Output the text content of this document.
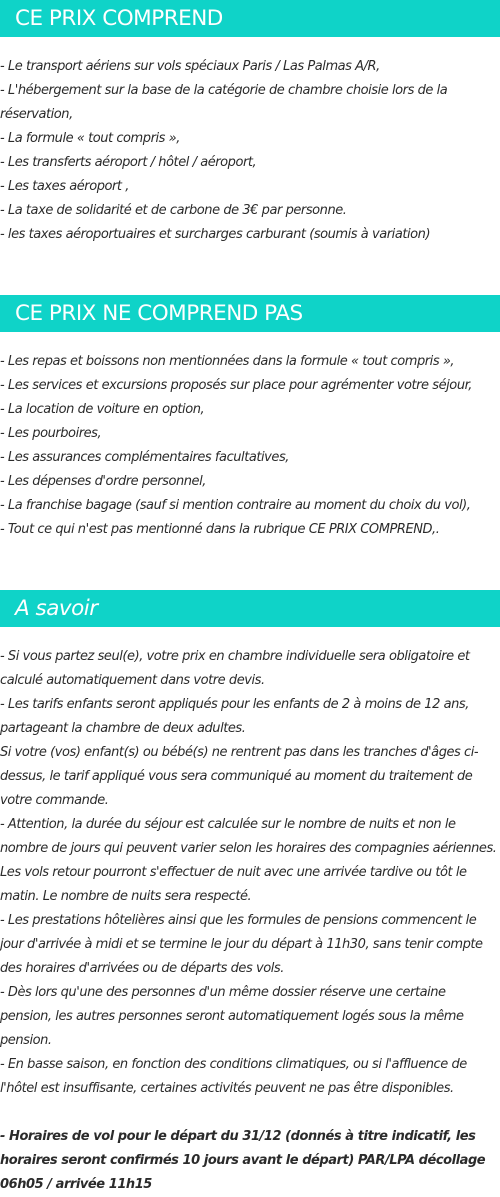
CE PRIX COMPREND

- Le transport aériens sur vols spéciaux Paris / Las Palmas A/R,

- L'hébergement sur la base de la catégorie de chambre choisie lors de la

réservation,

- La formule « tout compris »,

- Les transferts aéroport / hôtel / aéroport,

- Les taxes aéroport ,

- La taxe de solidarité et de carbone de 3€ par personne.

- les taxes aéroportuaires et surcharges carburant (soumis à variation)

CE PRIX NE COMPREND PAS

- Les repas et boissons non mentionnées dans la formule « tout compris »,

- Les services et excursions proposés sur place pour agrémenter votre séjour,

- La location de voiture en option,

- Les pourboires,

- Les assurances complémentaires facultatives,

- Les dépenses d'ordre personnel,

- La franchise bagage (sauf si mention contraire au moment du choix du vol),

- Tout ce qui n'est pas mentionné dans la rubrique CE PRIX COMPREND,.

A savoir

- Si vous partez seul(e), votre prix en chambre individuelle sera obligatoire et calculé automatiquement dans votre devis.

- Les tarifs enfants seront appliqués pour les enfants de 2 à moins de 12 ans, partageant la chambre de deux adultes.

Si votre (vos) enfant(s) ou bébé(s) ne rentrent pas dans les tranches d'âges ci-dessus, le tarif appliqué vous sera communiqué au moment du traitement de votre commande.

- Attention, la durée du séjour est calculée sur le nombre de nuits et non le nombre de jours qui peuvent varier selon les horaires des compagnies aériennes. Les vols retour pourront s'effectuer de nuit avec une arrivée tardive ou tôt le matin. Le nombre de nuits sera respecté.

- Les prestations hôtelières ainsi que les formules de pensions commencent le jour d'arrivée à midi et se termine le jour du départ à 11h30, sans tenir compte des horaires d'arrivées ou de départs des vols.

- Dès lors qu'une des personnes d'un même dossier réserve une certaine pension, les autres personnes seront automatiquement logés sous la même pension.

- En basse saison, en fonction des conditions climatiques, ou si l'affluence de l'hôtel est insuffisante, certaines activités peuvent ne pas être disponibles.

- Horaires de vol pour le départ du 31/12 (donnés à titre indicatif, les horaires seront confirmés 10 jours avant le départ) PAR/LPA décollage 06h05 / arrivée 11h15
